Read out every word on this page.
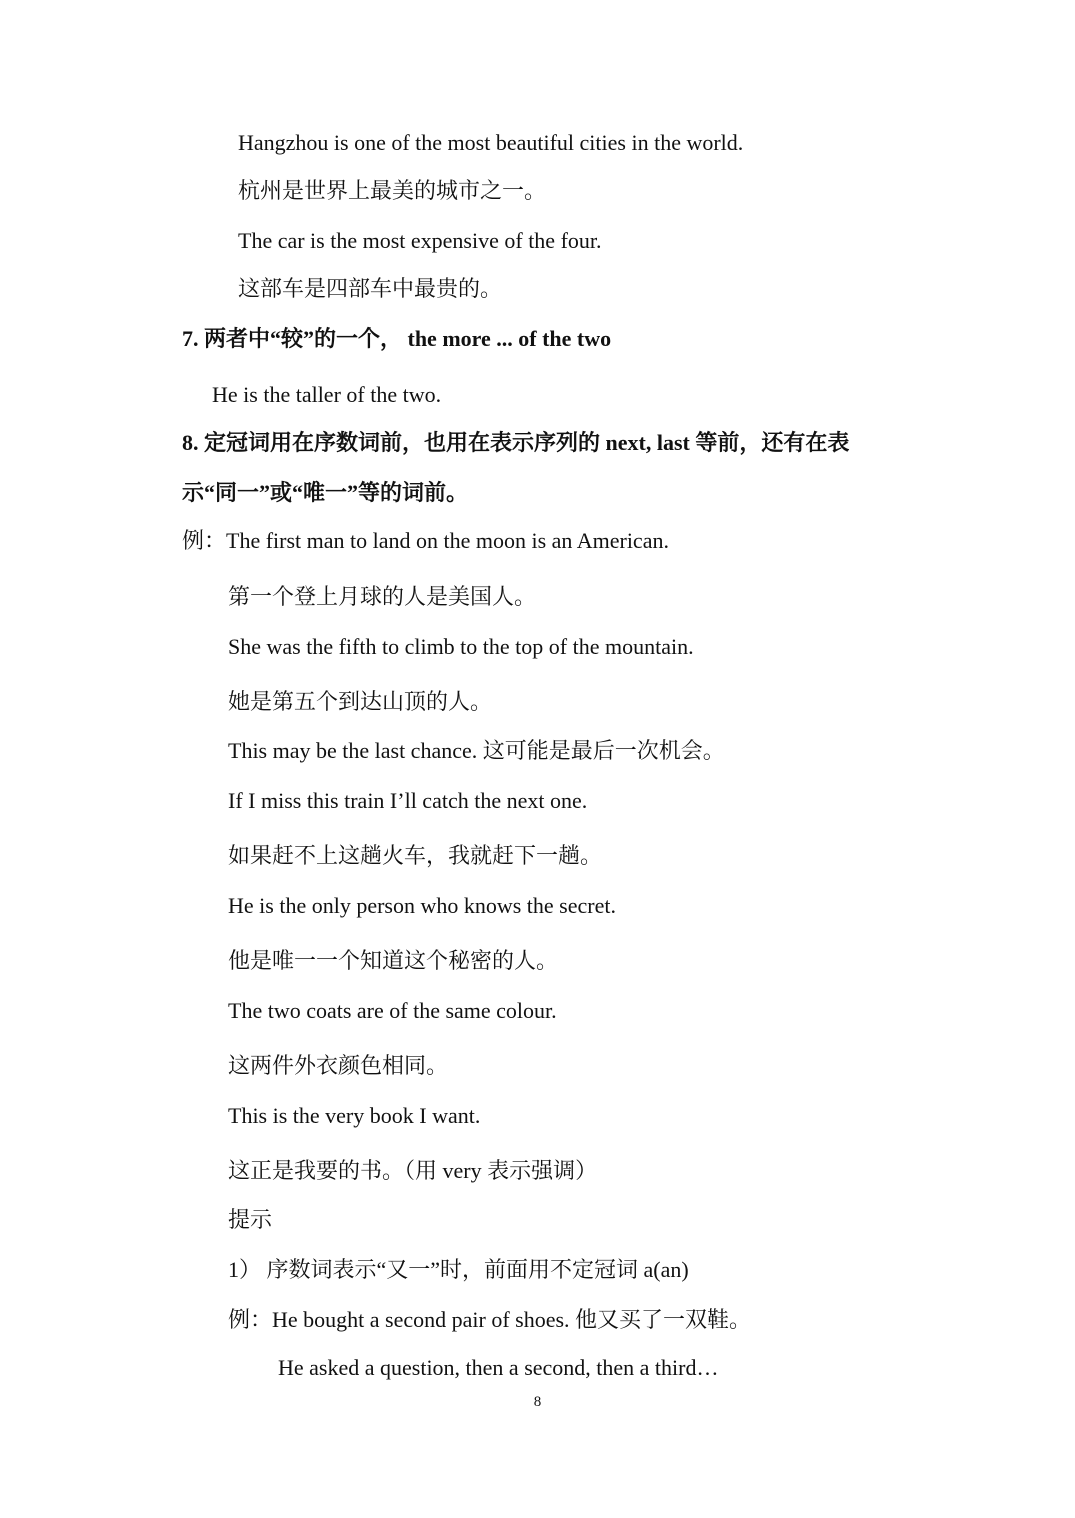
Hangzhou is one of the most beautiful cities in the world.
杭州是世界上最美的城市之一。
The car is the most expensive of the four.
这部车是四部车中最贵的。
7. 两者中“较”的一个， the more ... of the two
He is the taller of the two.
8. 定冠词用在序数词前，也用在表示序列的 next, last 等前，还有在表
示“同一”或“唯一”等的词前。
例：The first man to land on the moon is an American.
第一个登上月球的人是美国人。
She was the fifth to climb to the top of the mountain.
她是第五个到达山顶的人。
This may be the last chance. 这可能是最后一次机会。
If I miss this train I’ll catch the next one.
如果赶不上这趟火车，我就赶下一趟。
He is the only person who knows the secret.
他是唯一一个知道这个秘密的人。
The two coats are of the same colour.
这两件外衣颜色相同。
This is the very book I want.
这正是我要的书。（用 very 表示强调）
提示
1） 序数词表示“又一”时，前面用不定冠词 a(an)
例：He bought a second pair of shoes. 他又买了一双鞋。
He asked a question, then a second, then a third…
8
